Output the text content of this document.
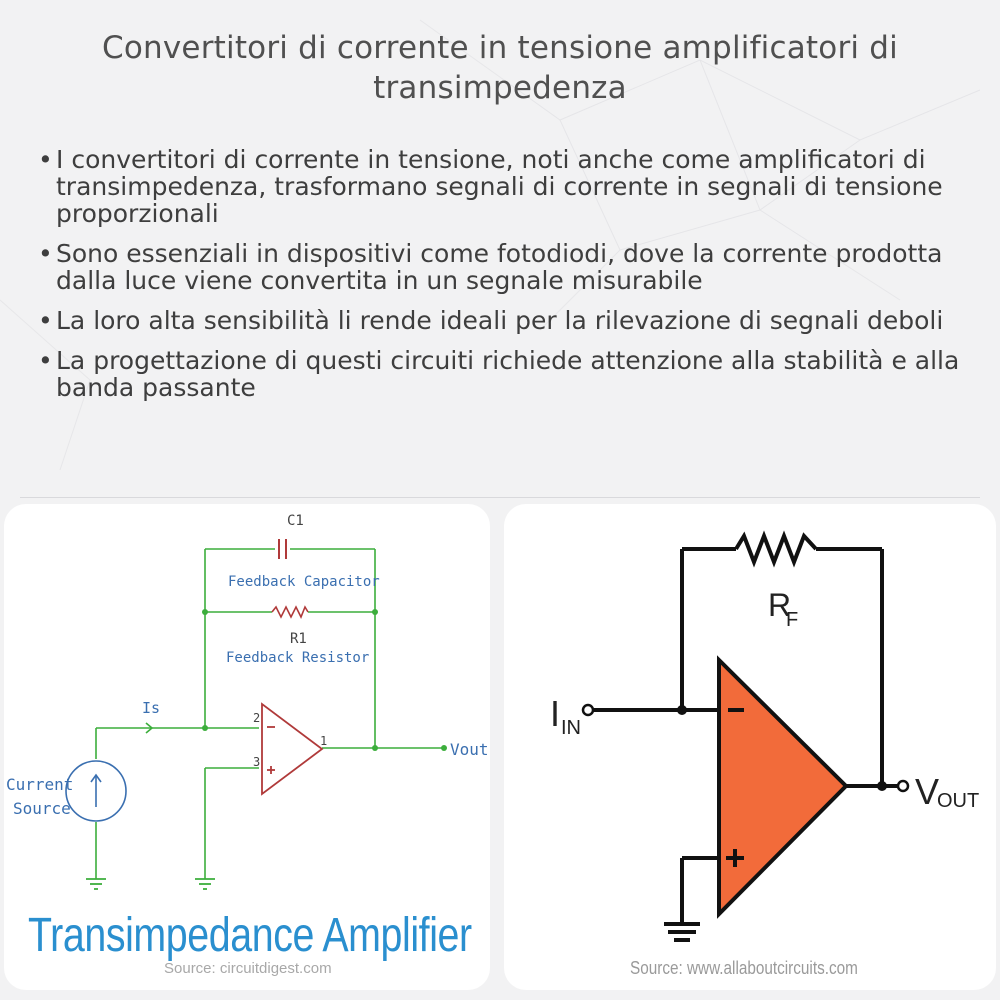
Convertitori di corrente in tensione amplificatori di transimpedenza
• I convertitori di corrente in tensione, noti anche come amplificatori di transimpedenza, trasformano segnali di corrente in segnali di tensione proporzionali
• Sono essenziali in dispositivi come fotodiodi, dove la corrente prodotta dalla luce viene convertita in un segnale misurabile
• La loro alta sensibilità li rende ideali per la rilevazione di segnali deboli
• La progettazione di questi circuiti richiede attenzione alla stabilità e alla banda passante
C1
Feedback Capacitor
R1
Feedback Resistor
Is
Current
Source
2
3
1	Vout
Transimpedance Amplifier
Source: circuitdigest.com
R
F
I IN
V
OUT
Source: www.allaboutcircuits.com
